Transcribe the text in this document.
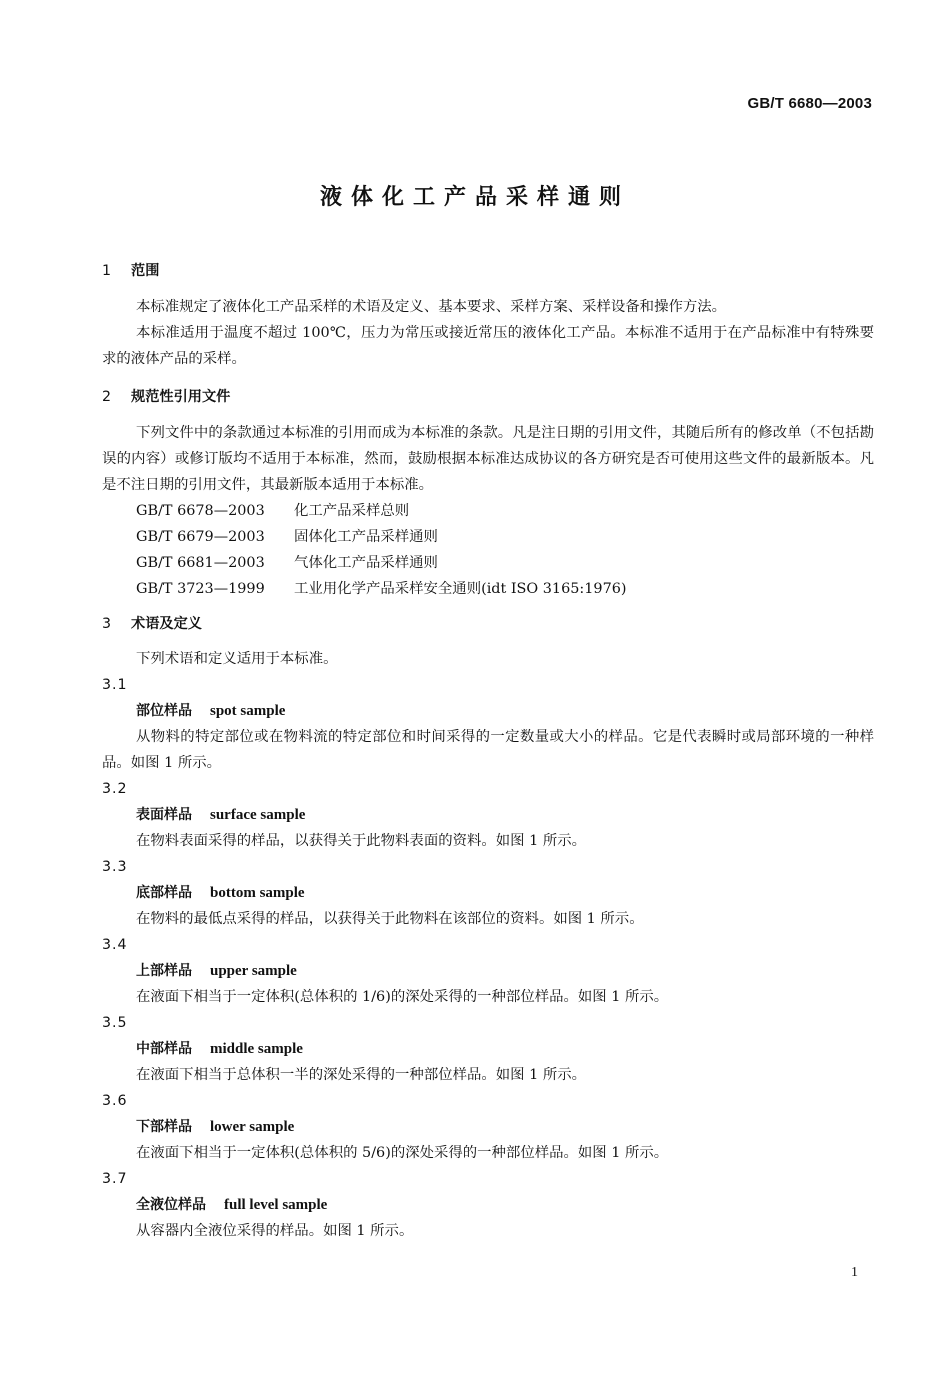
GB/T 6680—2003
液体化工产品采样通则
1 范围

本标准规定了液体化工产品采样的术语及定义、基本要求、采样方案、采样设备和操作方法。

本标准适用于温度不超过 100℃，压力为常压或接近常压的液体化工产品。本标准不适用于在产品标准中有特殊要求的液体产品的采样。

2 规范性引用文件

下列文件中的条款通过本标准的引用而成为本标准的条款。凡是注日期的引用文件，其随后所有的修改单（不包括勘误的内容）或修订版均不适用于本标准，然而，鼓励根据本标准达成协议的各方研究是否可使用这些文件的最新版本。凡是不注日期的引用文件，其最新版本适用于本标准。

GB/T 6678—2003 化工产品采样总则
GB/T 6679—2003 固体化工产品采样通则
GB/T 6681—2003 气体化工产品采样通则
GB/T 3723—1999 工业用化学产品采样安全通则(idt ISO 3165:1976)
3 术语及定义

下列术语和定义适用于本标准。

3.1
部位样品 spot sample

从物料的特定部位或在物料流的特定部位和时间采得的一定数量或大小的样品。它是代表瞬时或局部环境的一种样品。如图 1 所示。

3.2
表面样品 surface sample
在物料表面采得的样品，以获得关于此物料表面的资料。如图 1 所示。
3.3
底部样品 bottom sample
在物料的最低点采得的样品，以获得关于此物料在该部位的资料。如图 1 所示。
3.4
上部样品 upper sample
在液面下相当于一定体积(总体积的 1/6)的深处采得的一种部位样品。如图 1 所示。
3.5
中部样品 middle sample
在液面下相当于总体积一半的深处采得的一种部位样品。如图 1 所示。
3.6
下部样品 lower sample
在液面下相当于一定体积(总体积的 5/6)的深处采得的一种部位样品。如图 1 所示。
3.7
全液位样品 full level sample
从容器内全液位采得的样品。如图 1 所示。
1
